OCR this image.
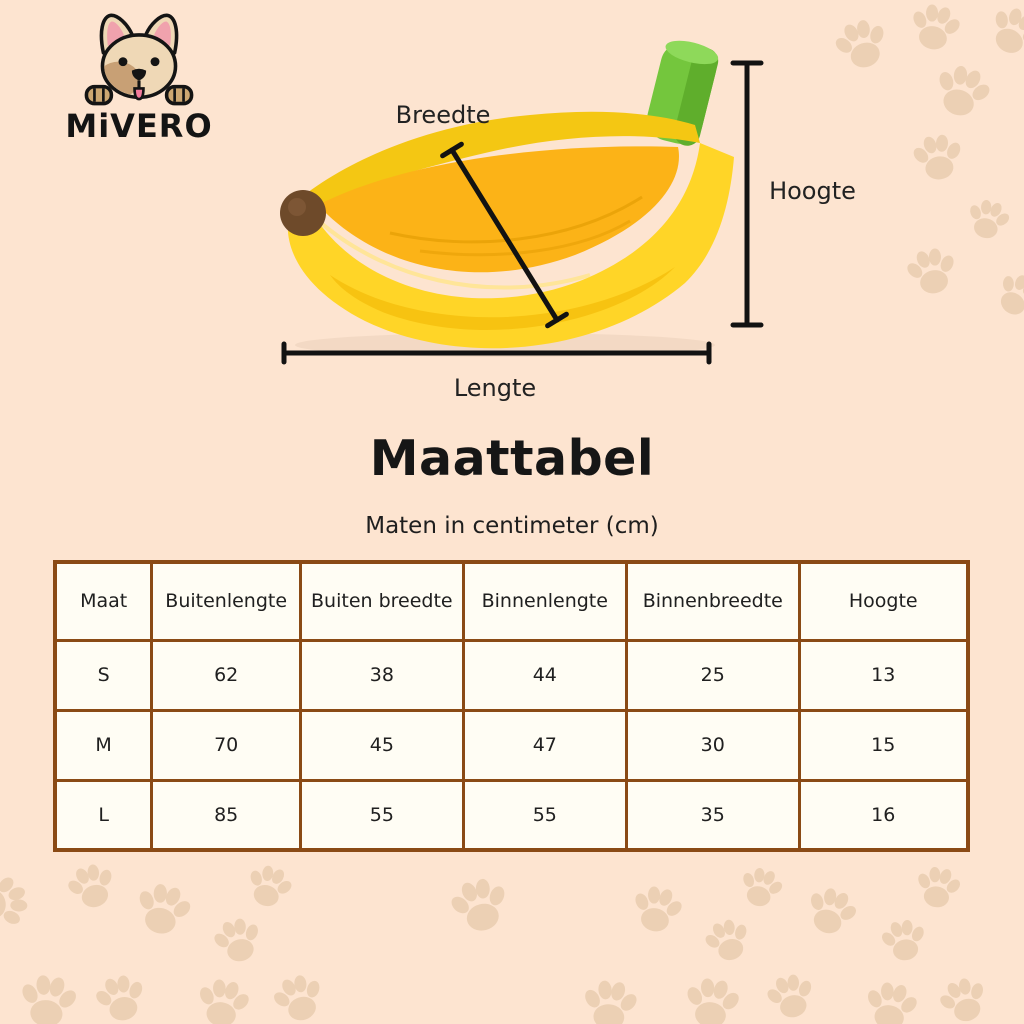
MiVERO	Breedte
Hoogte
Lengte
Maattabel
Maten in centimeter (cm)
Maat	Buitenlengte	Buiten breedte	Binnenlengte	Binnenbreedte	Hoogte
S	62	38	44	25	13
M	70	45	47	30	15
L	85	55	55	35	16
